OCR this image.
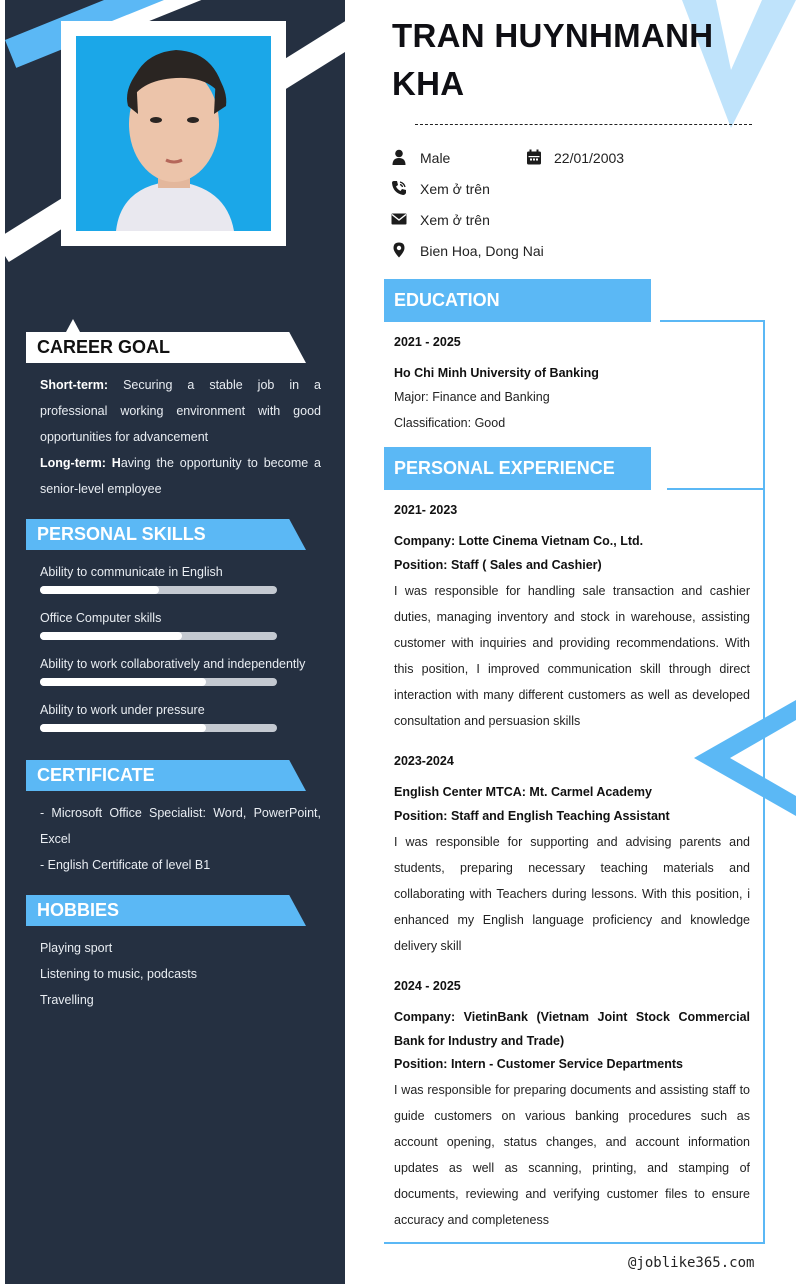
CAREER GOAL
Short-term: Securing a stable job in a professional working environment with good opportunities for advancement
Long-term: Having the opportunity to become a senior-level employee
PERSONAL SKILLS
Ability to communicate in English
Office Computer skills
Ability to work collaboratively and independently
Ability to work under pressure
CERTIFICATE
- Microsoft Office Specialist: Word, PowerPoint, Excel
- English Certificate of level B1
HOBBIES
Playing sport
Listening to music, podcasts
Travelling
TRAN HUYNHMANH KHA
Male	22/01/2003
Xem ở trên
Xem ở trên
Bien Hoa, Dong Nai
EDUCATION
2021 - 2025
Ho Chi Minh University of Banking
Major: Finance and Banking
Classification: Good
PERSONAL EXPERIENCE
2021- 2023
Company: Lotte Cinema Vietnam Co., Ltd.
Position: Staff ( Sales and Cashier)
I was responsible for handling sale transaction and cashier duties, managing inventory and stock in warehouse, assisting customer with inquiries and providing recommendations. With this position, I improved communication skill through direct interaction with many different customers as well as developed consultation and persuasion skills
2023-2024
English Center MTCA: Mt. Carmel Academy
Position: Staff and English Teaching Assistant
I was responsible for supporting and advising parents and students, preparing necessary teaching materials and collaborating with Teachers during lessons. With this position, i enhanced my English language proficiency and knowledge delivery skill
2024 - 2025
Company: VietinBank (Vietnam Joint Stock Commercial Bank for Industry and Trade)
Position: Intern - Customer Service Departments
I was responsible for preparing documents and assisting staff to guide customers on various banking procedures such as account opening, status changes, and account information updates as well as scanning, printing, and stamping of documents, reviewing and verifying customer files to ensure accuracy and completeness
@joblike365.com
